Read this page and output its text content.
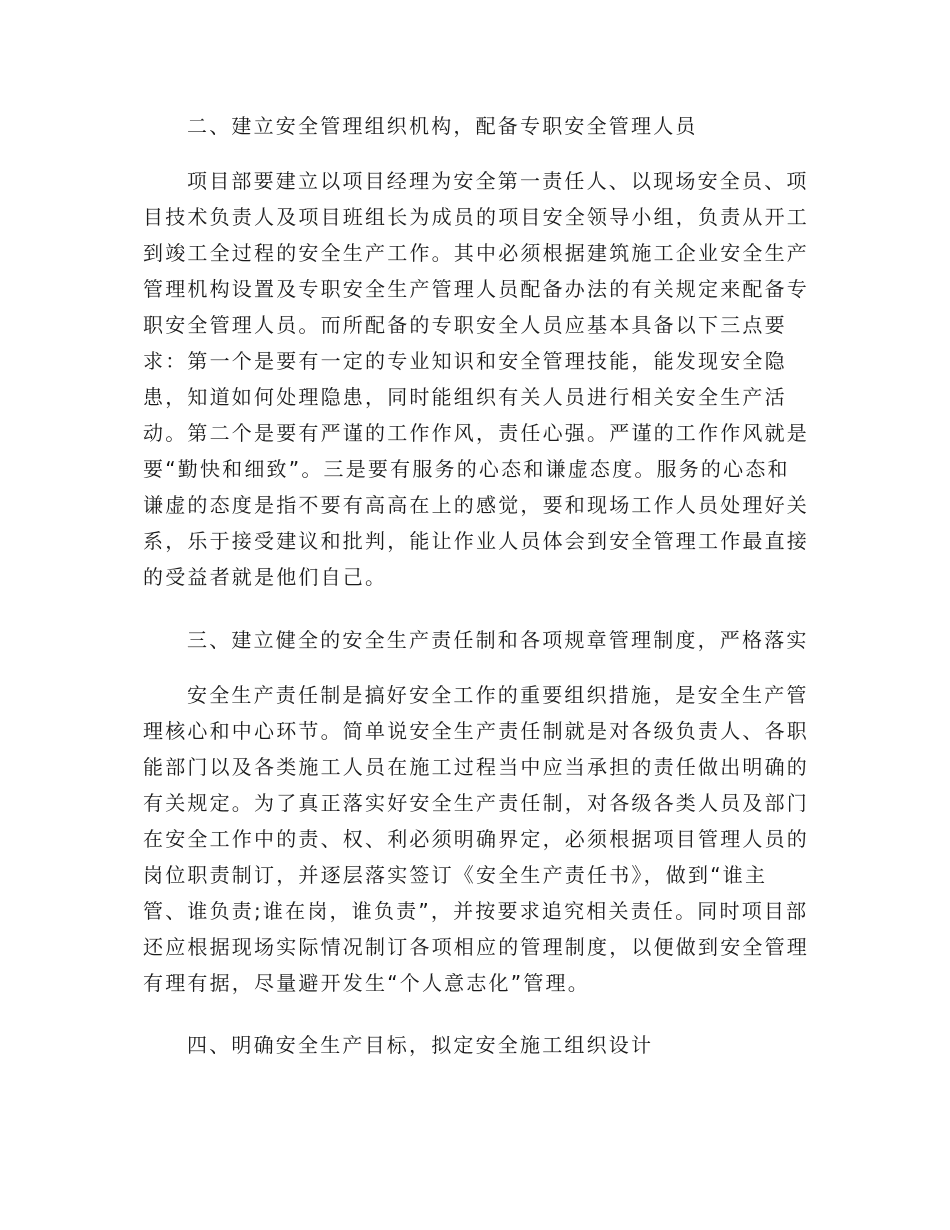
二、建立安全管理组织机构，配备专职安全管理人员
项目部要建立以项目经理为安全第一责任人、以现场安全员、项
目技术负责人及项目班组长为成员的项目安全领导小组，负责从开工
到竣工全过程的安全生产工作。其中必须根据建筑施工企业安全生产
管理机构设置及专职安全生产管理人员配备办法的有关规定来配备专
职安全管理人员。而所配备的专职安全人员应基本具备以下三点要
求：第一个是要有一定的专业知识和安全管理技能，能发现安全隐
患，知道如何处理隐患，同时能组织有关人员进行相关安全生产活
动。第二个是要有严谨的工作作风，责任心强。严谨的工作作风就是
要“勤快和细致”。三是要有服务的心态和谦虚态度。服务的心态和
谦虚的态度是指不要有高高在上的感觉，要和现场工作人员处理好关
系，乐于接受建议和批判，能让作业人员体会到安全管理工作最直接
的受益者就是他们自己。
三、建立健全的安全生产责任制和各项规章管理制度，严格落实
安全生产责任制是搞好安全工作的重要组织措施，是安全生产管
理核心和中心环节。简单说安全生产责任制就是对各级负责人、各职
能部门以及各类施工人员在施工过程当中应当承担的责任做出明确的
有关规定。为了真正落实好安全生产责任制，对各级各类人员及部门
在安全工作中的责、权、利必须明确界定，必须根据项目管理人员的
岗位职责制订，并逐层落实签订《安全生产责任书》，做到“谁主
管、谁负责;谁在岗，谁负责”，并按要求追究相关责任。同时项目部
还应根据现场实际情况制订各项相应的管理制度，以便做到安全管理
有理有据，尽量避开发生“个人意志化”管理。
四、明确安全生产目标，拟定安全施工组织设计
